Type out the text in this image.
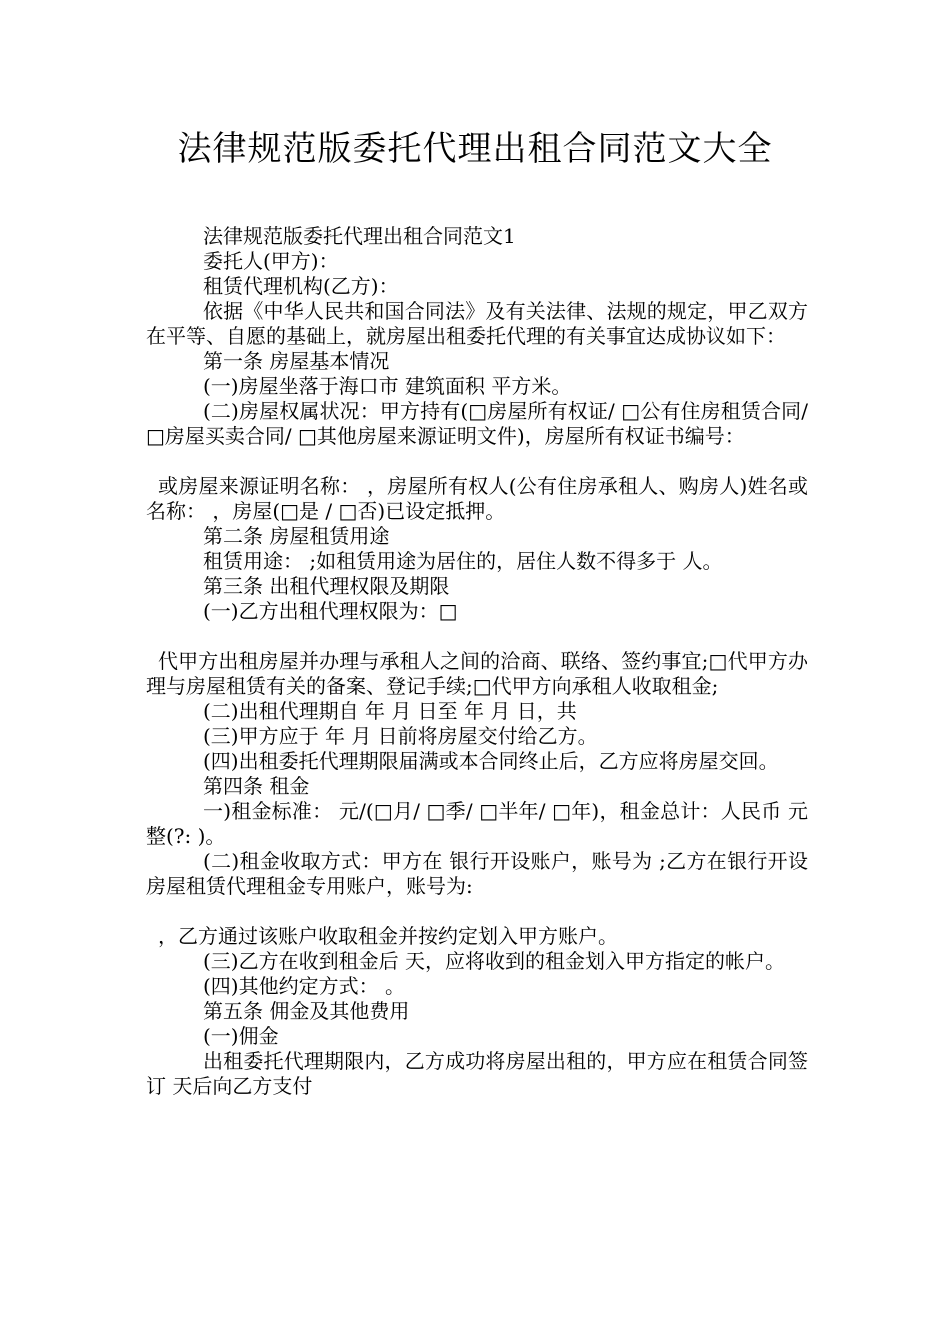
法律规范版委托代理出租合同范文大全

法律规范版委托代理出租合同范文1

委托人(甲方)：

租赁代理机构(乙方)：

依据《中华人民共和国合同法》及有关法律、法规的规定，甲乙双方在平等、自愿的基础上，就房屋出租委托代理的有关事宜达成协议如下：

第一条 房屋基本情况

(一)房屋坐落于海口市 建筑面积 平方米。

(二)房屋权属状况：甲方持有(□房屋所有权证/ □公有住房租赁合同/ □房屋买卖合同/ □其他房屋来源证明文件)，房屋所有权证书编号：

或房屋来源证明名称： ，房屋所有权人(公有住房承租人、购房人)姓名或名称： ，房屋(□是 / □否)已设定抵押。

第二条 房屋租赁用途

租赁用途： ;如租赁用途为居住的，居住人数不得多于 人。

第三条 出租代理权限及期限

(一)乙方出租代理权限为：□

代甲方出租房屋并办理与承租人之间的洽商、联络、签约事宜;□代甲方办理与房屋租赁有关的备案、登记手续;□代甲方向承租人收取租金;

(二)出租代理期自 年 月 日至 年 月 日，共

(三)甲方应于 年 月 日前将房屋交付给乙方。

(四)出租委托代理期限届满或本合同终止后，乙方应将房屋交回。

第四条 租金

一)租金标准： 元/(□月/ □季/ □半年/ □年)，租金总计：人民币 元整(?: )。

(二)租金收取方式：甲方在 银行开设账户，账号为 ;乙方在银行开设房屋租赁代理租金专用账户，账号为:

，乙方通过该账户收取租金并按约定划入甲方账户。

(三)乙方在收到租金后 天，应将收到的租金划入甲方指定的帐户。

(四)其他约定方式： 。

第五条 佣金及其他费用

(一)佣金

出租委托代理期限内，乙方成功将房屋出租的，甲方应在租赁合同签订 天后向乙方支付
